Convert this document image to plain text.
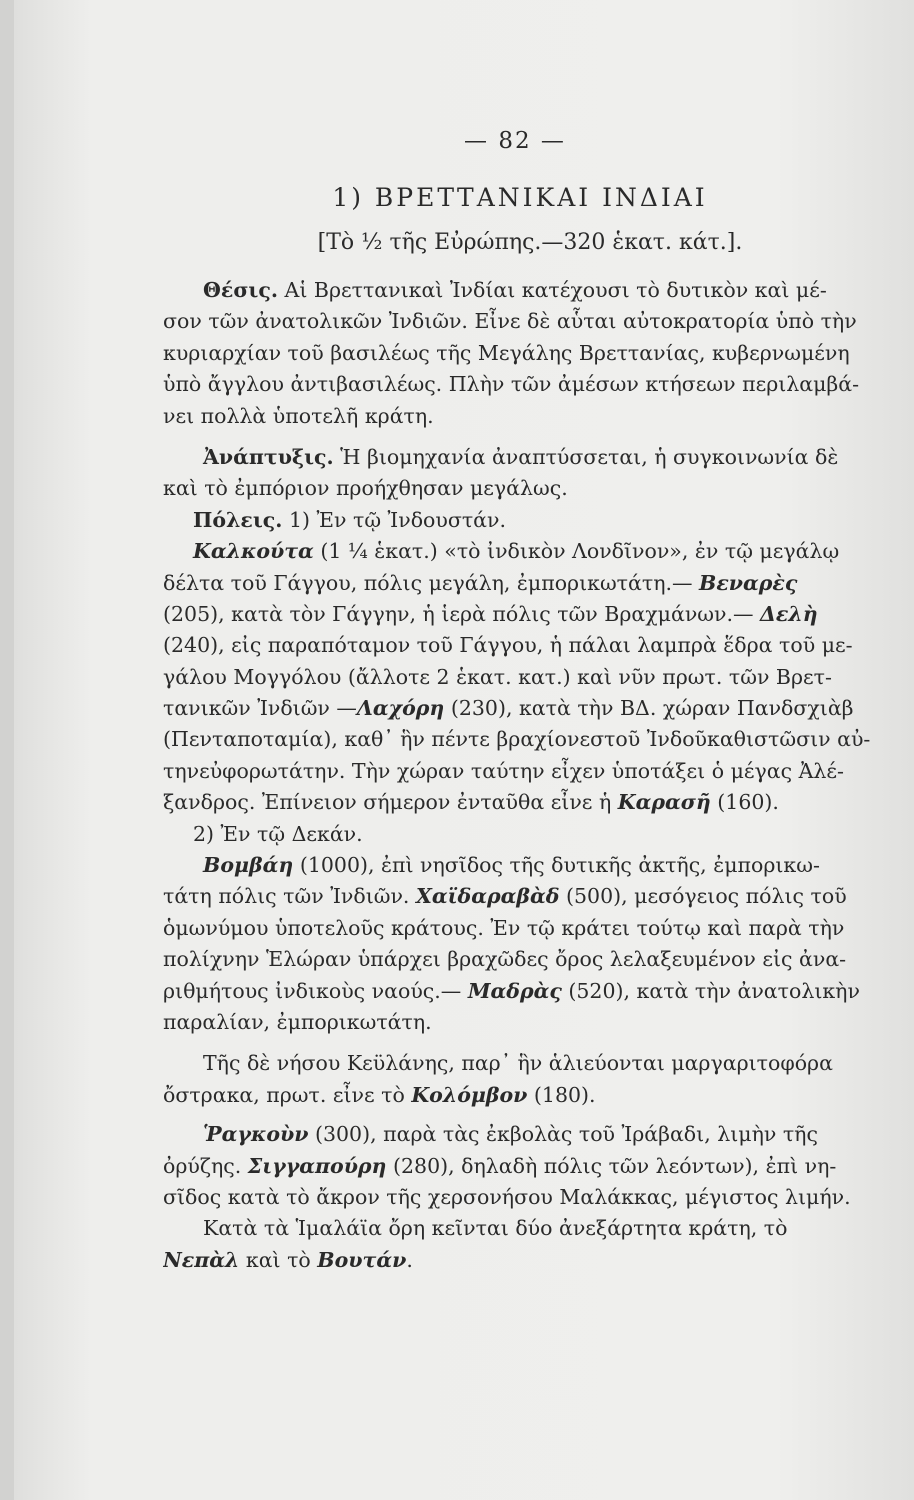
— 82 —
1) ΒΡΕΤΤΑΝΙΚΑΙ ΙΝΔΙΑΙ
[Τὸ ½ τῆς Εὐρώπης.—320 ἑκατ. κάτ.].
Θέσις. Αἱ Βρεττανικαὶ Ἰνδίαι κατέχουσι τὸ δυτικὸν καὶ μέ-
σον τῶν ἀνατολικῶν Ἰνδιῶν. Εἶνε δὲ αὗται αὐτοκρατορία ὑπὸ τὴν
κυριαρχίαν τοῦ βασιλέως τῆς Μεγάλης Βρεττανίας, κυβερνωμένη
ὑπὸ ἄγγλου ἀντιβασιλέως. Πλὴν τῶν ἀμέσων κτήσεων περιλαμβά-
νει πολλὰ ὑποτελῆ κράτη.
Ἀνάπτυξις. Ἡ βιομηχανία ἀναπτύσσεται, ἡ συγκοινωνία δὲ
καὶ τὸ ἐμπόριον προήχθησαν μεγάλως.
Πόλεις. 1) Ἐν τῷ Ἰνδουστάν.
Καλκούτα (1 ¼ ἑκατ.) «τὸ ἰνδικὸν Λονδῖνον», ἐν τῷ μεγάλῳ
δέλτα τοῦ Γάγγου, πόλις μεγάλη, ἐμπορικωτάτη.— Βεναρὲς
(205), κατὰ τὸν Γάγγην, ἡ ἱερὰ πόλις τῶν Βραχμάνων.— Δελὴ
(240), εἰς παραπόταμον τοῦ Γάγγου, ἡ πάλαι λαμπρὰ ἕδρα τοῦ με-
γάλου Μογγόλου (ἄλλοτε 2 ἑκατ. κατ.) καὶ νῦν πρωτ. τῶν Βρετ-
τανικῶν Ἰνδιῶν —Λαχόρη (230), κατὰ τὴν ΒΔ. χώραν Πανδσχιὰβ
(Πενταποταμία), καθ᾿ ἣν πέντε βραχίονεστοῦ Ἰνδοῦκαθιστῶσιν αὐ-
τηνεὐφορωτάτην. Τὴν χώραν ταύτην εἶχεν ὑποτάξει ὁ μέγας Ἀλέ-
ξανδρος. Ἐπίνειον σήμερον ἐνταῦθα εἶνε ἡ Καρασῆ (160).
2) Ἐν τῷ Δεκάν.
Βομβάη (1000), ἐπὶ νησῖδος τῆς δυτικῆς ἀκτῆς, ἐμπορικω-
τάτη πόλις τῶν Ἰνδιῶν. Χαϊδαραβὰδ (500), μεσόγειος πόλις τοῦ
ὁμωνύμου ὑποτελοῦς κράτους. Ἐν τῷ κράτει τούτῳ καὶ παρὰ τὴν
πολίχνην Ἑλώραν ὑπάρχει βραχῶδες ὄρος λελαξευμένον εἰς ἀνα-
ριθμήτους ἰνδικοὺς ναούς.— Μαδρὰς (520), κατὰ τὴν ἀνατολικὴν
παραλίαν, ἐμπορικωτάτη.
Τῆς δὲ νήσου Κεϋλάνης, παρ᾿ ἣν ἁλιεύονται μαργαριτοφόρα
ὄστρακα, πρωτ. εἶνε τὸ Κολόμβον (180).
Ῥαγκοὺν (300), παρὰ τὰς ἐκβολὰς τοῦ Ἰράβαδι, λιμὴν τῆς
ὀρύζης. Σιγγαπούρη (280), δηλαδὴ πόλις τῶν λεόντων), ἐπὶ νη-
σῖδος κατὰ τὸ ἄκρον τῆς χερσονήσου Μαλάκκας, μέγιστος λιμήν.
Κατὰ τὰ Ἱμαλάϊα ὄρη κεῖνται δύο ἀνεξάρτητα κράτη, τὸ
Νεπὰλ καὶ τὸ Βουτάν.
